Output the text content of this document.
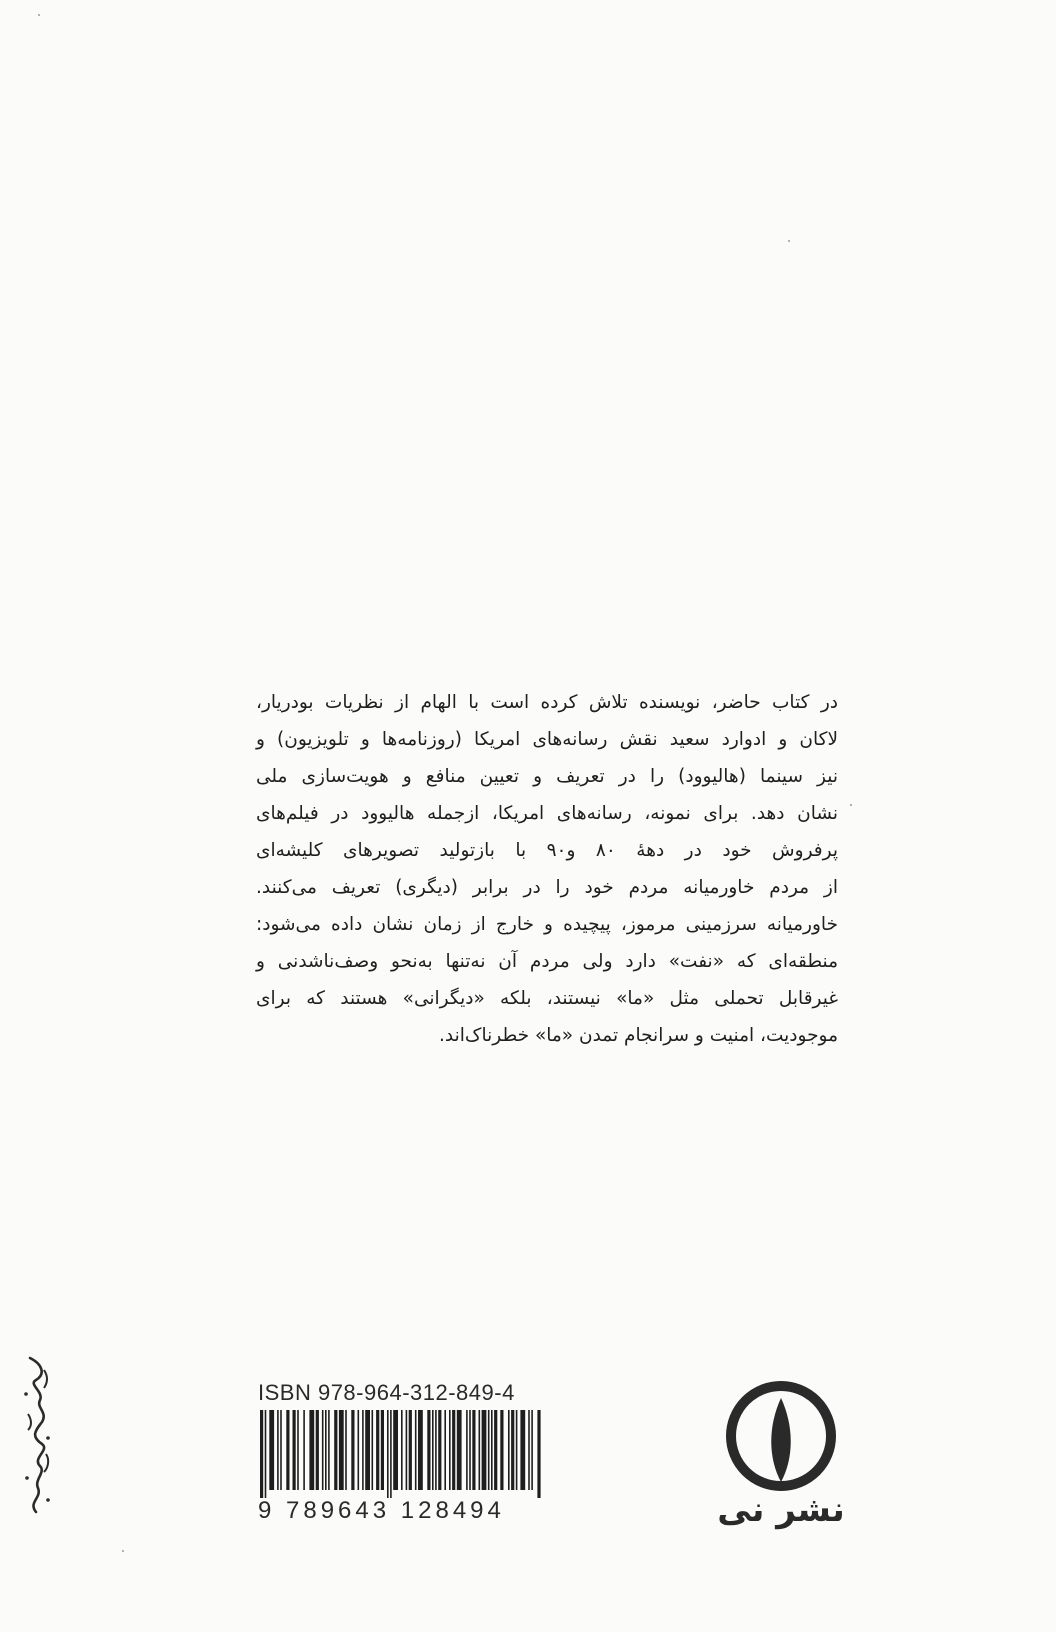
در کتاب حاضر، نویسنده تلاش کرده است با الهام از نظریات بودریار،
لاکان و ادوارد سعید نقش رسانه‌های امریکا (روزنامه‌ها و تلویزیون) و
نیز سینما (هالیوود) را در تعریف و تعیین منافع و هویت‌سازی ملی
نشان دهد. برای نمونه، رسانه‌های امریکا، ازجمله هالیوود در فیلم‌های
پرفروش خود در دهۀ ۸۰ و۹۰ با بازتولید تصویرهای کلیشه‌ای
از مردم خاورمیانه مردم خود را در برابر (دیگری) تعریف می‌کنند.
خاورمیانه سرزمینی مرموز، پیچیده و خارج از زمان نشان داده می‌شود:
منطقه‌ای که «نفت» دارد ولی مردم آن نه‌تنها به‌نحو وصف‌ناشدنی و
غیرقابل تحملی مثل «ما» نیستند، بلکه «دیگرانی» هستند که برای
موجودیت، امنیت و سرانجام تمدن «ما» خطرناک‌اند.
ISBN 978-964-312-849-4
9 789643 128494	نشر نی
